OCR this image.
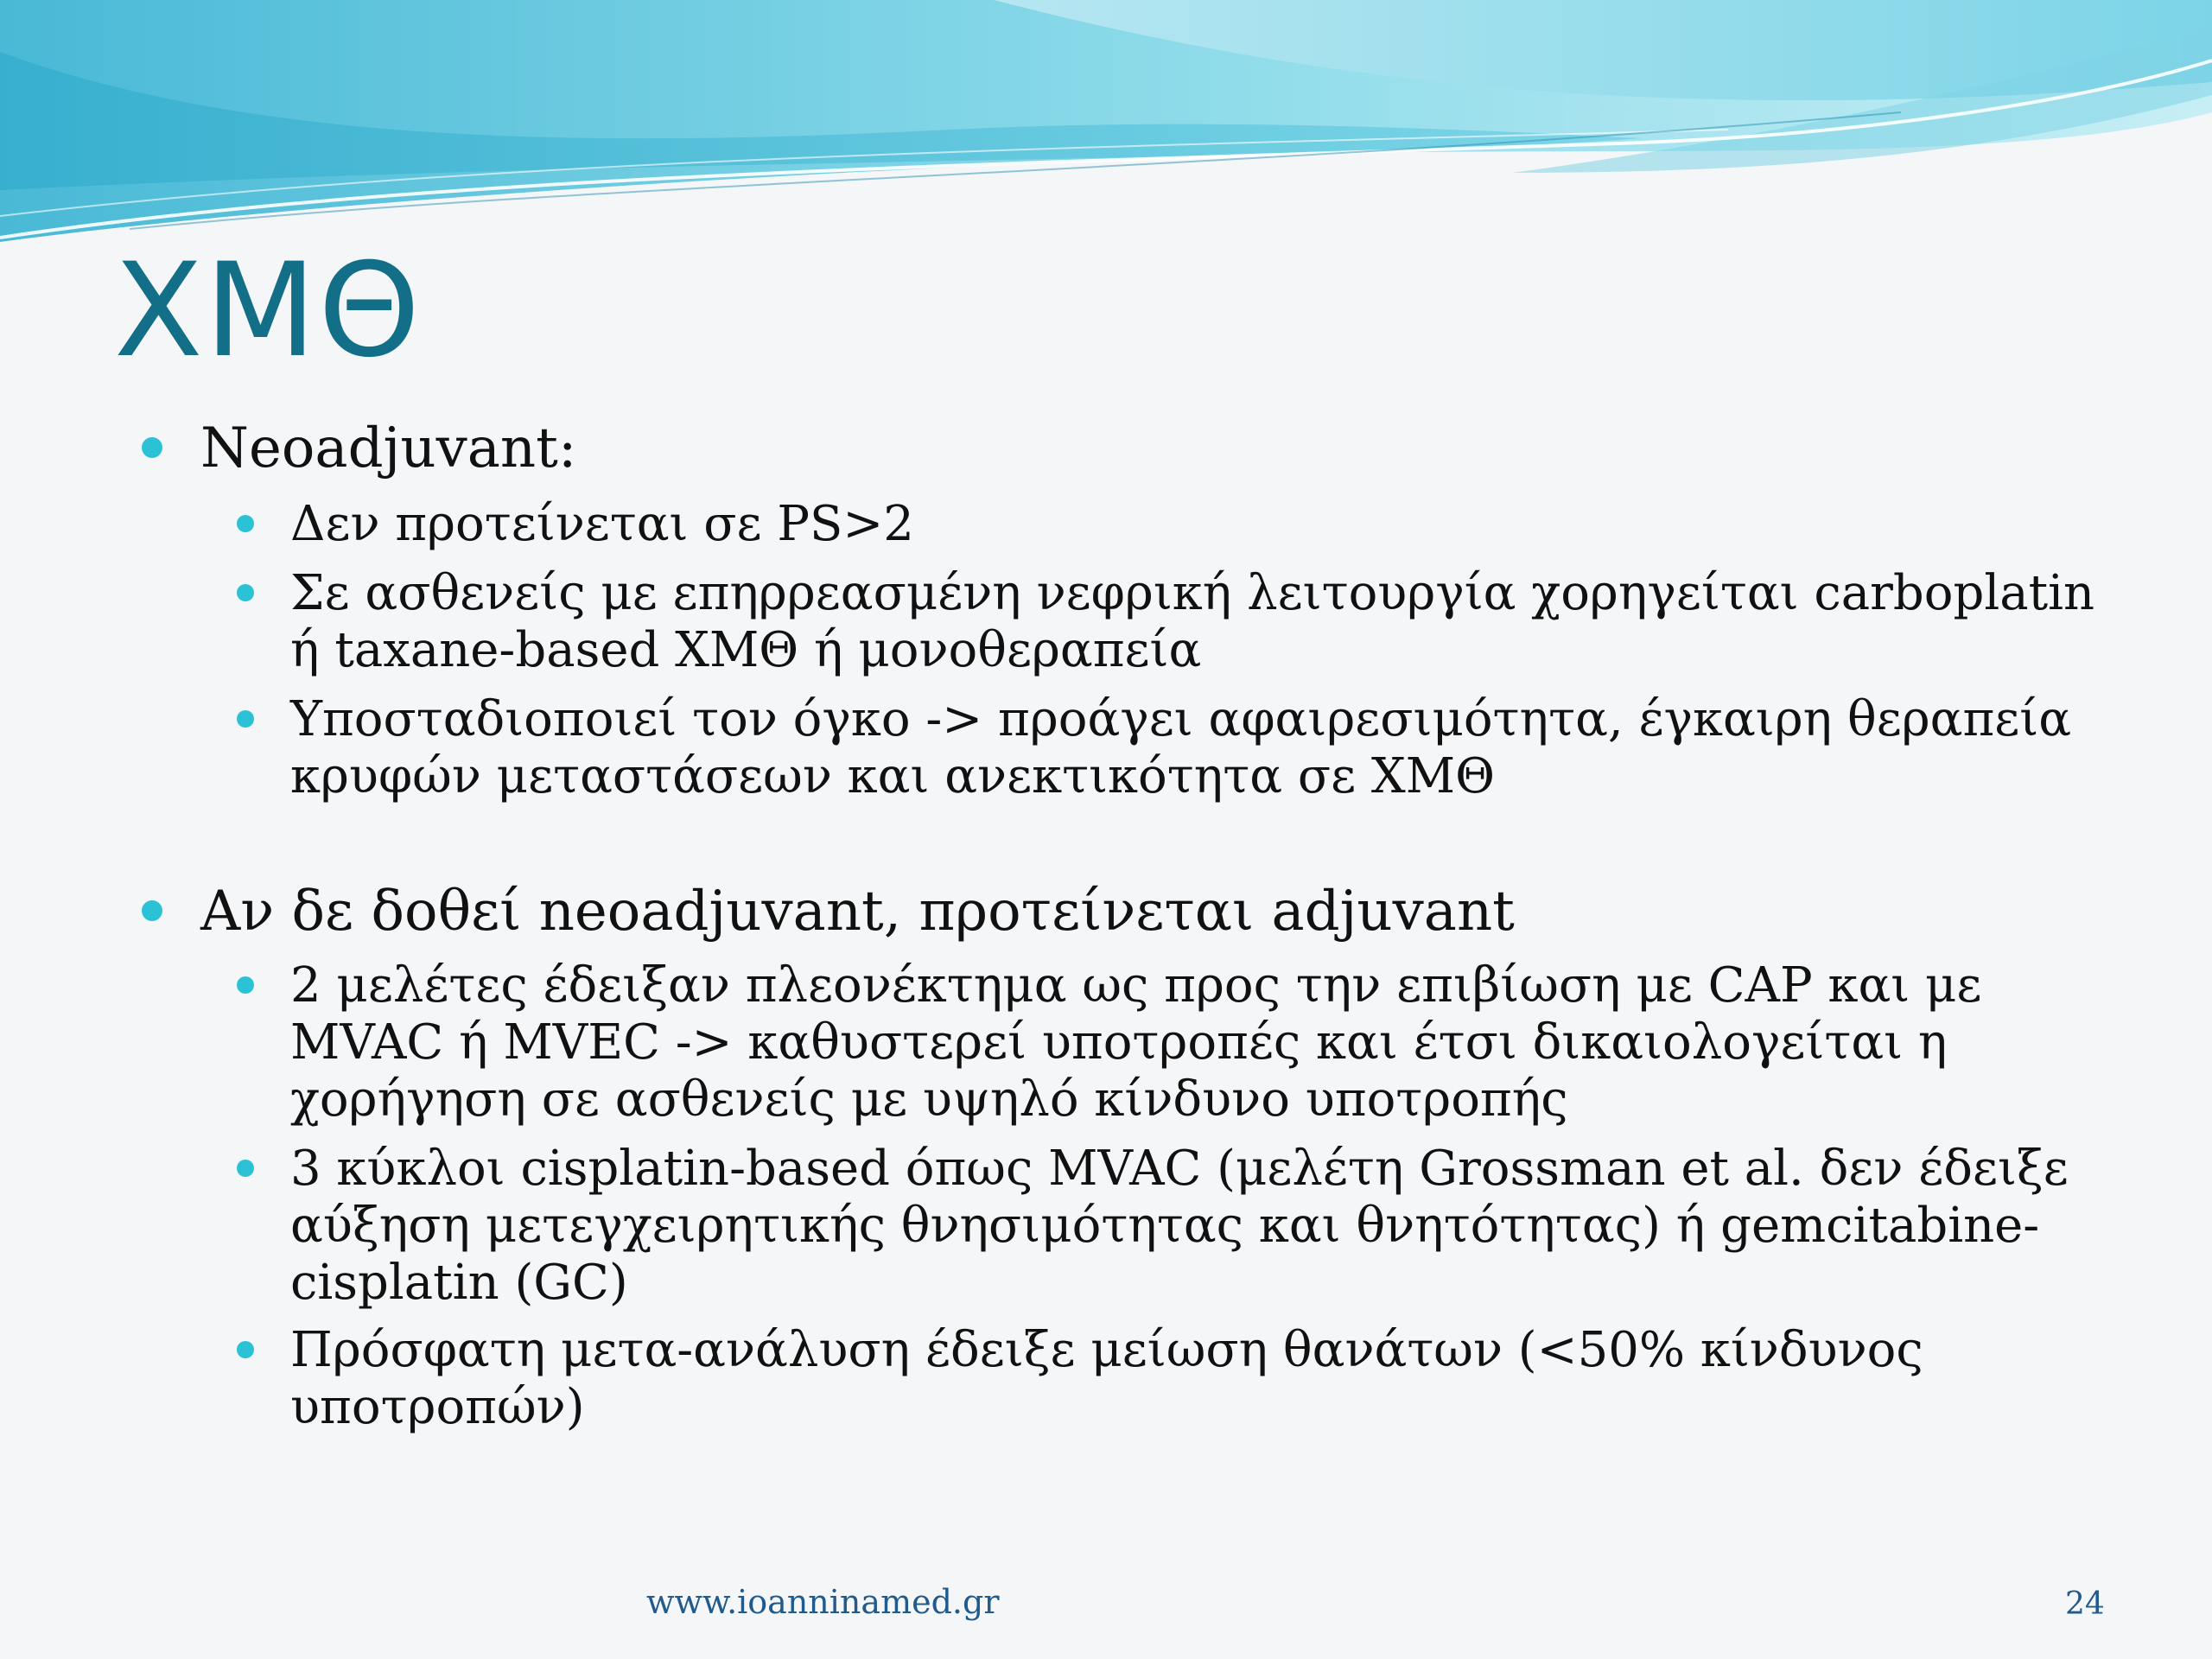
ΧΜΘ
Neoadjuvant:
Δεν προτείνεται σε PS>2
Σε ασθενείς με επηρρεασμένη νεφρική λειτουργία χορηγείται carboplatin ή taxane-based ΧΜΘ ή μονοθεραπεία
Υποσταδιοποιεί τον όγκο -> προάγει αφαιρεσιμότητα, έγκαιρη θεραπεία κρυφών μεταστάσεων και ανεκτικότητα σε ΧΜΘ
Αν δε δοθεί neoadjuvant, προτείνεται adjuvant
2 μελέτες έδειξαν πλεονέκτημα ως προς την επιβίωση με CAP και με MVAC ή MVEC -> καθυστερεί υποτροπές και έτσι δικαιολογείται η χορήγηση σε ασθενείς με υψηλό κίνδυνο υποτροπής
3 κύκλοι cisplatin-based όπως MVAC (μελέτη Grossman et al. δεν έδειξε αύξηση μετεγχειρητικής θνησιμότητας και θνητότητας) ή gemcitabine-cisplatin (GC)
Πρόσφατη μετα-ανάλυση έδειξε μείωση θανάτων (<50% κίνδυνος υποτροπών)
www.ioanninamed.gr	24
